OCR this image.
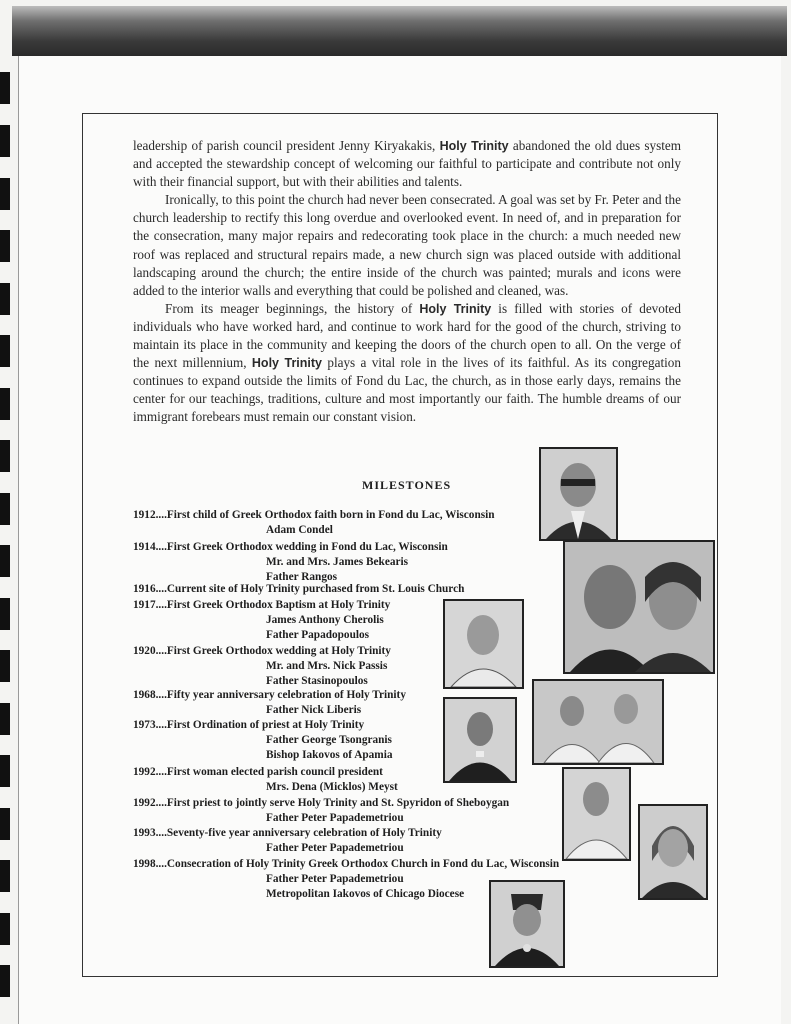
leadership of parish council president Jenny Kiryakakis, Holy Trinity abandoned the old dues system and accepted the stewardship concept of welcoming our faithful to participate and contribute not only with their financial support, but with their abilities and talents.

Ironically, to this point the church had never been consecrated. A goal was set by Fr. Peter and the church leadership to rectify this long overdue and overlooked event. In need of, and in preparation for the consecration, many major repairs and redecorating took place in the church: a much needed new roof was replaced and structural repairs made, a new church sign was placed outside with additional landscaping around the church; the entire inside of the church was painted; murals and icons were added to the interior walls and everything that could be polished and cleaned, was.

From its meager beginnings, the history of Holy Trinity is filled with stories of devoted individuals who have worked hard, and continue to work hard for the good of the church, striving to maintain its place in the community and keeping the doors of the church open to all. On the verge of the next millennium, Holy Trinity plays a vital role in the lives of its faithful. As its congregation continues to expand outside the limits of Fond du Lac, the church, as in those early days, remains the center for our teachings, traditions, culture and most importantly our faith. The humble dreams of our immigrant forebears must remain our constant vision.

MILESTONES
1912....First child of Greek Orthodox faith born in Fond du Lac, Wisconsin
Adam Condel
1914....First Greek Orthodox wedding in Fond du Lac, Wisconsin
Mr. and Mrs. James Bekearis
Father Rangos
1916....Current site of Holy Trinity purchased from St. Louis Church
1917....First Greek Orthodox Baptism at Holy Trinity
James Anthony Cherolis
Father Papadopoulos
1920....First Greek Orthodox wedding at Holy Trinity
Mr. and Mrs. Nick Passis
Father Stasinopoulos
1968....Fifty year anniversary celebration of Holy Trinity
Father Nick Liberis
1973....First Ordination of priest at Holy Trinity
Father George Tsongranis
Bishop Iakovos of Apamia
1992....First woman elected parish council president
Mrs. Dena (Micklos) Meyst
1992....First priest to jointly serve Holy Trinity and St. Spyridon of Sheboygan
Father Peter Papademetriou
1993....Seventy-five year anniversary celebration of Holy Trinity
Father Peter Papademetriou
1998....Consecration of Holy Trinity Greek Orthodox Church in Fond du Lac, Wisconsin
Father Peter Papademetriou
Metropolitan Iakovos of Chicago Diocese
